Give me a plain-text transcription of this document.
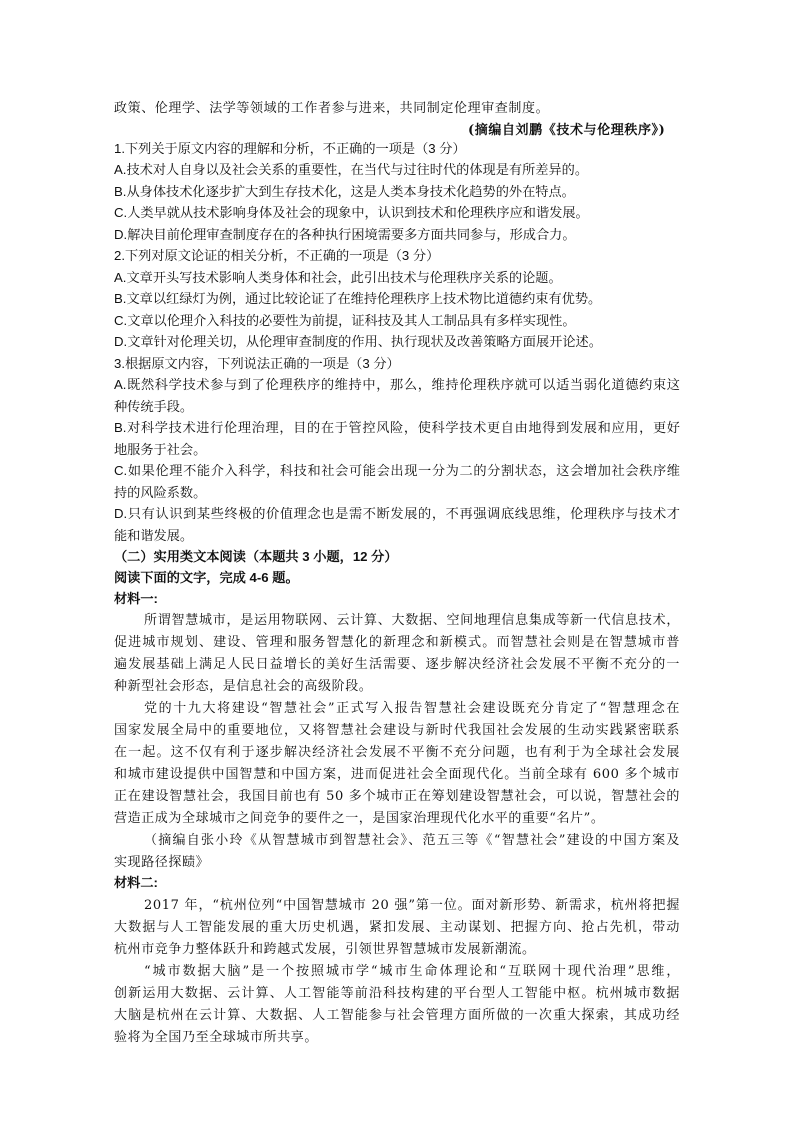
政策、伦理学、法学等领域的工作者参与进来，共同制定伦理审查制度。
(摘编自刘鹏《技术与伦理秩序》)
1.下列关于原文内容的理解和分析，不正确的一项是（3 分）
A.技术对人自身以及社会关系的重要性，在当代与过往时代的体现是有所差异的。
B.从身体技术化逐步扩大到生存技术化，这是人类本身技术化趋势的外在特点。
C.人类早就从技术影响身体及社会的现象中，认识到技术和伦理秩序应和谐发展。
D.解决目前伦理审查制度存在的各种执行困境需要多方面共同参与，形成合力。
2.下列对原文论证的相关分析，不正确的一项是（3 分）
A.文章开头写技术影响人类身体和社会，此引出技术与伦理秩序关系的论题。
B.文章以红绿灯为例，通过比较论证了在维持伦理秩序上技术物比道德约束有优势。
C.文章以伦理介入科技的必要性为前提，证科技及其人工制品具有多样实现性。
D.文章针对伦理关切，从伦理审查制度的作用、执行现状及改善策略方面展开论述。
3.根据原文内容，下列说法正确的一项是（3 分）
A.既然科学技术参与到了伦理秩序的维持中，那么，维持伦理秩序就可以适当弱化道德约束这
种传统手段。
B.对科学技术进行伦理治理，目的在于管控风险，使科学技术更自由地得到发展和应用，更好
地服务于社会。
C.如果伦理不能介入科学，科技和社会可能会出现一分为二的分割状态，这会增加社会秩序维
持的风险系数。
D.只有认识到某些终极的价值理念也是需不断发展的，不再强调底线思维，伦理秩序与技术才
能和谐发展。
（二）实用类文本阅读（本题共 3 小题，12 分）
阅读下面的文字，完成 4-6 题。
材料一:
所谓智慧城市，是运用物联网、云计算、大数据、空间地理信息集成等新一代信息技术，
促进城市规划、建设、管理和服务智慧化的新理念和新模式。而智慧社会则是在智慧城市普
遍发展基础上满足人民日益增长的美好生活需要、逐步解决经济社会发展不平衡不充分的一
种新型社会形态，是信息社会的高级阶段。
党的十九大将建设“智慧社会”正式写入报告智慧社会建设既充分肯定了“智慧理念在
国家发展全局中的重要地位，又将智慧社会建设与新时代我国社会发展的生动实践紧密联系
在一起。这不仅有利于逐步解决经济社会发展不平衡不充分问题，也有利于为全球社会发展
和城市建设提供中国智慧和中国方案，进而促进社会全面现代化。当前全球有 600 多个城市
正在建设智慧社会，我国目前也有 50 多个城市正在筹划建设智慧社会，可以说，智慧社会的
营造正成为全球城市之间竞争的要件之一，是国家治理现代化水平的重要“名片”。
（摘编自张小玲《从智慧城市到智慧社会》、范五三等《“智慧社会”建设的中国方案及
实现路径探赜》
材料二:
2017 年，“杭州位列“中国智慧城市 20 强”第一位。面对新形势、新需求，杭州将把握
大数据与人工智能发展的重大历史机遇，紧扣发展、主动谋划、把握方向、抢占先机，带动
杭州市竞争力整体跃升和跨越式发展，引领世界智慧城市发展新潮流。
“城市数据大脑”是一个按照城市学“城市生命体理论和“互联网十现代治理”思维，
创新运用大数据、云计算、人工智能等前沿科技构建的平台型人工智能中枢。杭州城市数据
大脑是杭州在云计算、大数据、人工智能参与社会管理方面所做的一次重大探索，其成功经
验将为全国乃至全球城市所共享。
